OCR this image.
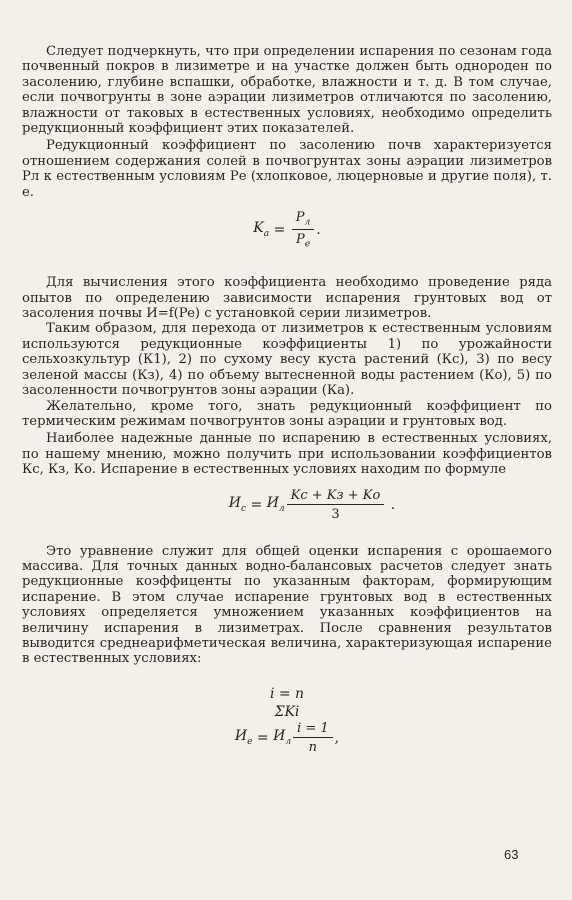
Следует подчеркнуть, что при определении испарения по сезонам года почвенный покров в лизиметре и на участке должен быть однороден по засолению, глубине вспашки, обработке, влажности и т. д. В том случае, если почвогрунты в зоне аэрации лизиметров отличаются по засолению, влажности от таковых в естественных условиях, необходимо определить редукционный коэффициент этих показателей.

Редукционный коэффициент по засолению почв характеризуется отношением содержания солей в почвогрунтах зоны аэрации лизиметров Pл к естественным условиям Pе (хлопковое, люцерновые и другие поля), т. е.

$K_а = \frac{P_л}{P_е}$ .

Для вычисления этого коэффициента необходимо проведение ряда опытов по определению зависимости испарения грунтовых вод от засоления почвы И=f(Pe) с установкой серии лизиметров.

Таким образом, для перехода от лизиметров к естественным условиям используются редукционные коэффициенты 1) по урожайности сельхозкультур (К1), 2) по сухому весу куста растений (Кс), 3) по весу зеленой массы (Кз), 4) по объему вытесненной воды растением (Ко), 5) по засоленности почвогрунтов зоны аэрации (Ка).

Желательно, кроме того, знать редукционный коэффициент по термическим режимам почвогрунтов зоны аэрации и грунтовых вод.

Наиболее надежные данные по испарению в естественных условиях, по нашему мнению, можно получить при использовании коэффициентов Кс, Кз, Ко. Испарение в естественных условиях находим по формуле

$И_с = И_л \frac{Kс + Kз + Kо}{3}$ .

Это уравнение служит для общей оценки испарения с орошаемого массива. Для точных данных водно-балансовых расчетов следует знать редукционные коэффиценты по указанным факторам, формирующим испарение. В этом случае испарение грунтовых вод в естественных условиях определяется умножением указанных коэффициентов на величину испарения в лизиметрах. После сравнения результатов выводится среднеарифметическая величина, характеризующая испарение в естественных условиях:

i = n
ΣKi
$И_е = И_л \frac{i = 1}{n}$ ,
63
